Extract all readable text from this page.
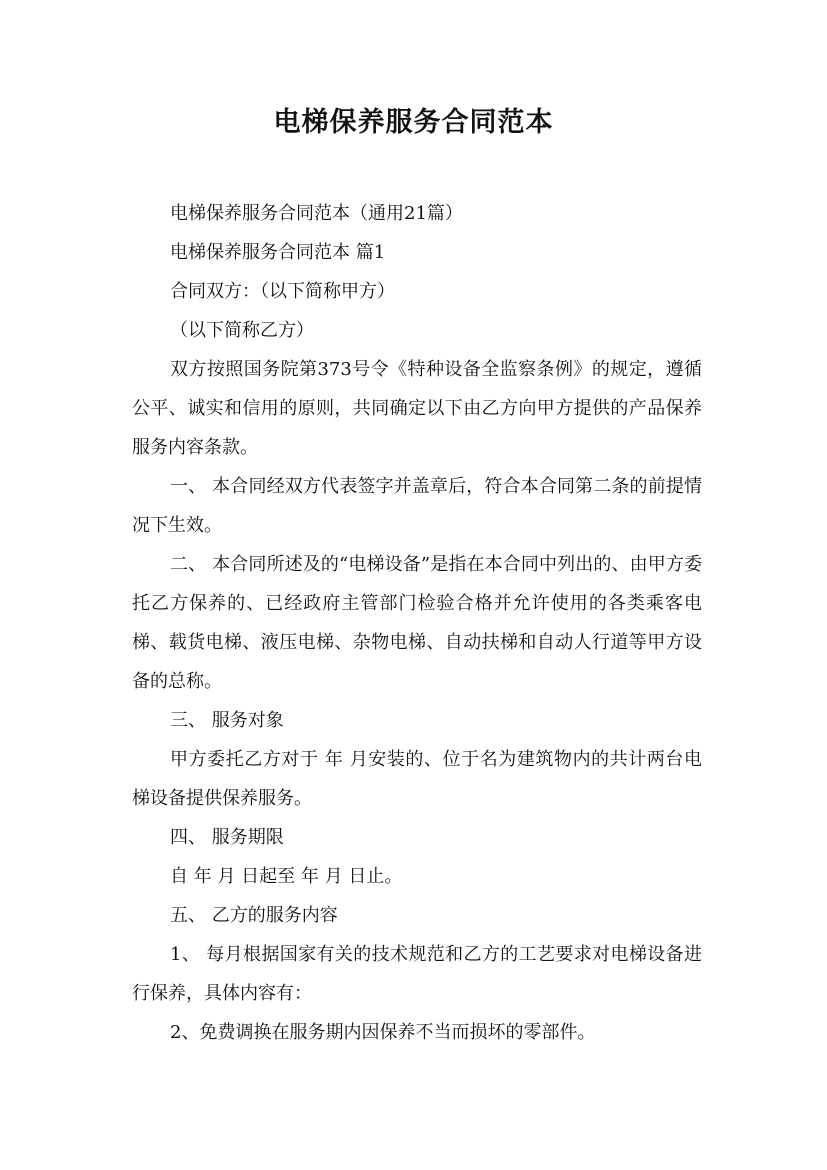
电梯保养服务合同范本

电梯保养服务合同范本（通用21篇）

电梯保养服务合同范本 篇1

合同双方：（以下简称甲方）

（以下简称乙方）

双方按照国务院第373号令《特种设备全监察条例》的规定，遵循公平、诚实和信用的原则，共同确定以下由乙方向甲方提供的产品保养服务内容条款。

一、 本合同经双方代表签字并盖章后，符合本合同第二条的前提情况下生效。

二、 本合同所述及的“电梯设备”是指在本合同中列出的、由甲方委托乙方保养的、已经政府主管部门检验合格并允许使用的各类乘客电梯、载货电梯、液压电梯、杂物电梯、自动扶梯和自动人行道等甲方设备的总称。

三、 服务对象

甲方委托乙方对于 年 月安装的、位于名为建筑物内的共计两台电梯设备提供保养服务。

四、 服务期限

自 年 月 日起至 年 月 日止。

五、 乙方的服务内容

1、 每月根据国家有关的技术规范和乙方的工艺要求对电梯设备进行保养，具体内容有：

2、免费调换在服务期内因保养不当而损坏的零部件。
